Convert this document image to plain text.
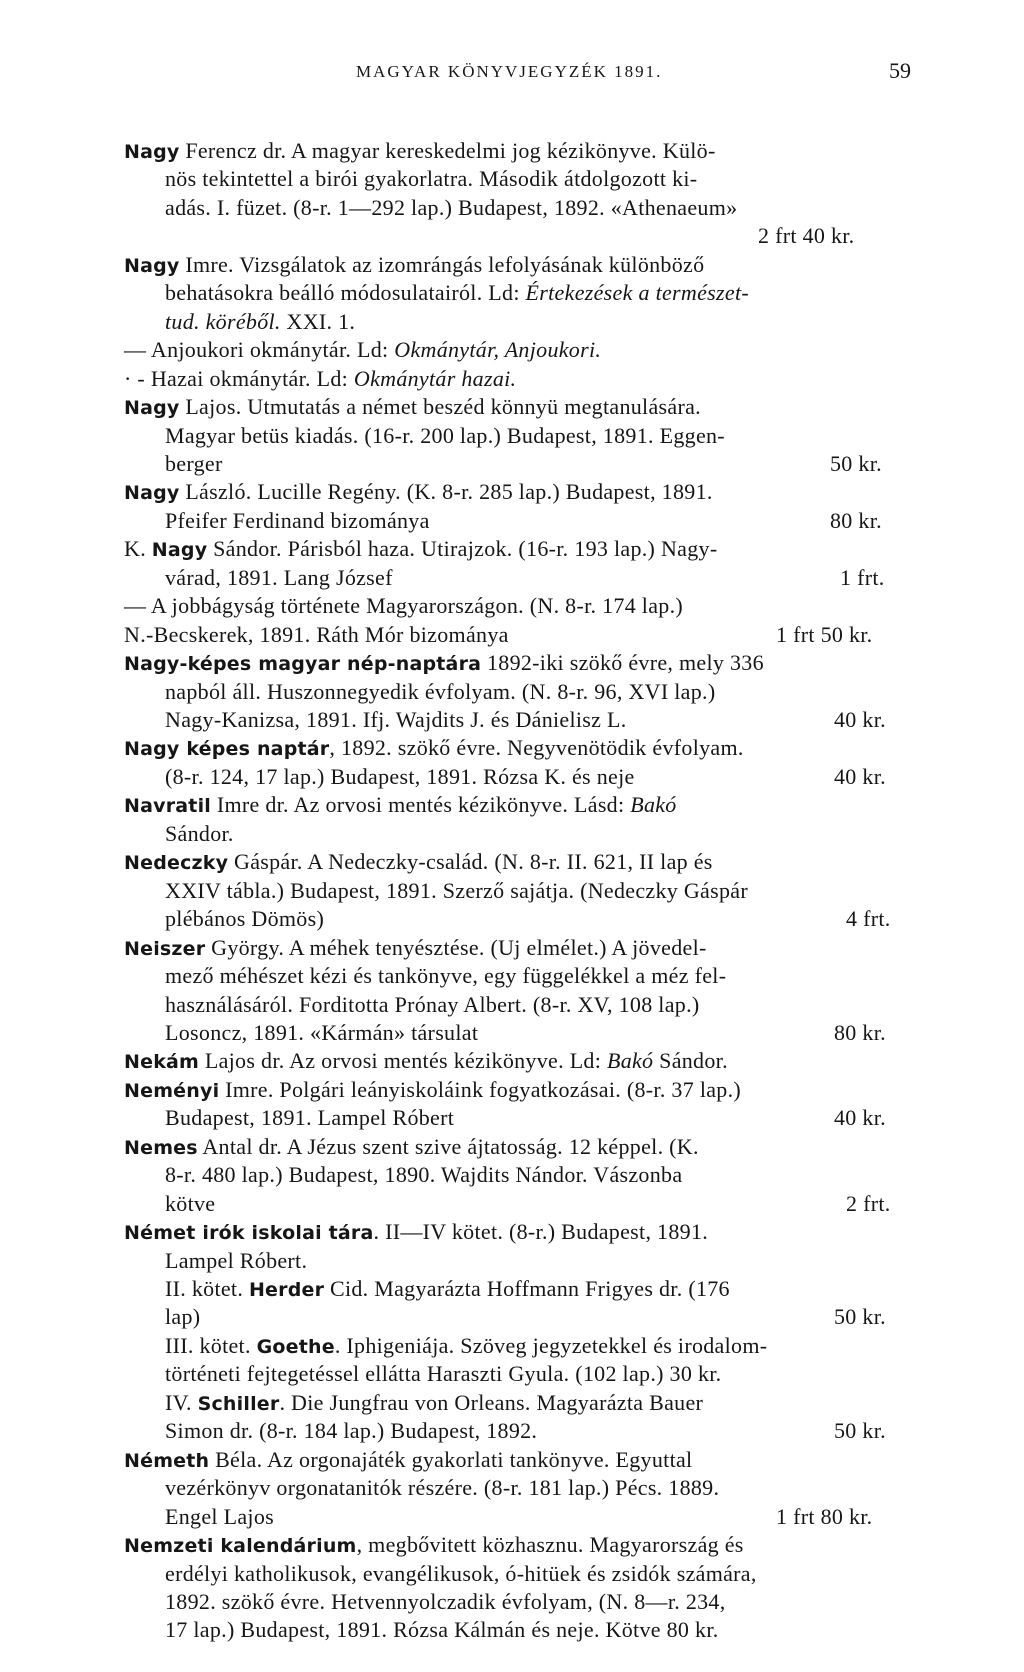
MAGYAR KÖNYVJEGYZÉK 1891.	59
Nagy Ferencz dr. A magyar kereskedelmi jog kézikönyve. Külö-
nös tekintettel a birói gyakorlatra. Második átdolgozott ki-
adás. I. füzet. (8-r. 1—292 lap.) Budapest, 1892. «Athenaeum»
2 frt 40 kr.
Nagy Imre. Vizsgálatok az izomrángás lefolyásának különböző
behatásokra beálló módosulatairól. Ld: Értekezések a természet-
tud. köréből. XXI. 1.
— Anjoukori okmánytár. Ld: Okmánytár, Anjoukori.
· - Hazai okmánytár. Ld: Okmánytár hazai.
Nagy Lajos. Utmutatás a német beszéd könnyü megtanulására.
Magyar betüs kiadás. (16-r. 200 lap.) Budapest, 1891. Eggen-
berger	50 kr.
Nagy László. Lucille Regény. (K. 8-r. 285 lap.) Budapest, 1891.
Pfeifer Ferdinand bizománya	80 kr.
K. Nagy Sándor. Párisból haza. Utirajzok. (16-r. 193 lap.) Nagy-
várad, 1891. Lang József	1 frt.
— A jobbágyság története Magyarországon. (N. 8-r. 174 lap.)
N.-Becskerek, 1891. Ráth Mór bizománya	1 frt 50 kr.
Nagy-képes magyar nép-naptára 1892-iki szökő évre, mely 336
napból áll. Huszonnegyedik évfolyam. (N. 8-r. 96, XVI lap.)
Nagy-Kanizsa, 1891. Ifj. Wajdits J. és Dánielisz L.	40 kr.
Nagy képes naptár, 1892. szökő évre. Negyvenötödik évfolyam.
(8-r. 124, 17 lap.) Budapest, 1891. Rózsa K. és neje	40 kr.
Navratil Imre dr. Az orvosi mentés kézikönyve. Lásd: Bakó
Sándor.
Nedeczky Gáspár. A Nedeczky-család. (N. 8-r. II. 621, II lap és
XXIV tábla.) Budapest, 1891. Szerző sajátja. (Nedeczky Gáspár
plébános Dömös)	4 frt.
Neiszer György. A méhek tenyésztése. (Uj elmélet.) A jövedel-
mező méhészet kézi és tankönyve, egy függelékkel a méz fel-
használásáról. Forditotta Prónay Albert. (8-r. XV, 108 lap.)
Losoncz, 1891. «Kármán» társulat	80 kr.
Nekám Lajos dr. Az orvosi mentés kézikönyve. Ld: Bakó Sándor.
Neményi Imre. Polgári leányiskoláink fogyatkozásai. (8-r. 37 lap.)
Budapest, 1891. Lampel Róbert	40 kr.
Nemes Antal dr. A Jézus szent szive ájtatosság. 12 képpel. (K.
8-r. 480 lap.) Budapest, 1890. Wajdits Nándor. Vászonba
kötve	2 frt.
Német irók iskolai tára. II—IV kötet. (8-r.) Budapest, 1891.
Lampel Róbert.
II. kötet. Herder Cid. Magyarázta Hoffmann Frigyes dr. (176
lap)	50 kr.
III. kötet. Goethe. Iphigeniája. Szöveg jegyzetekkel és irodalom-
történeti fejtegetéssel ellátta Haraszti Gyula. (102 lap.) 30 kr.
IV. Schiller. Die Jungfrau von Orleans. Magyarázta Bauer
Simon dr. (8-r. 184 lap.) Budapest, 1892.	50 kr.
Németh Béla. Az orgonajáték gyakorlati tankönyve. Egyuttal
vezérkönyv orgonatanitók részére. (8-r. 181 lap.) Pécs. 1889.
Engel Lajos	1 frt 80 kr.
Nemzeti kalendárium, megbővitett közhasznu. Magyarország és
erdélyi katholikusok, evangélikusok, ó-hitüek és zsidók számára,
1892. szökő évre. Hetvennyolczadik évfolyam, (N. 8—r. 234,
17 lap.) Budapest, 1891. Rózsa Kálmán és neje. Kötve 80 kr.
